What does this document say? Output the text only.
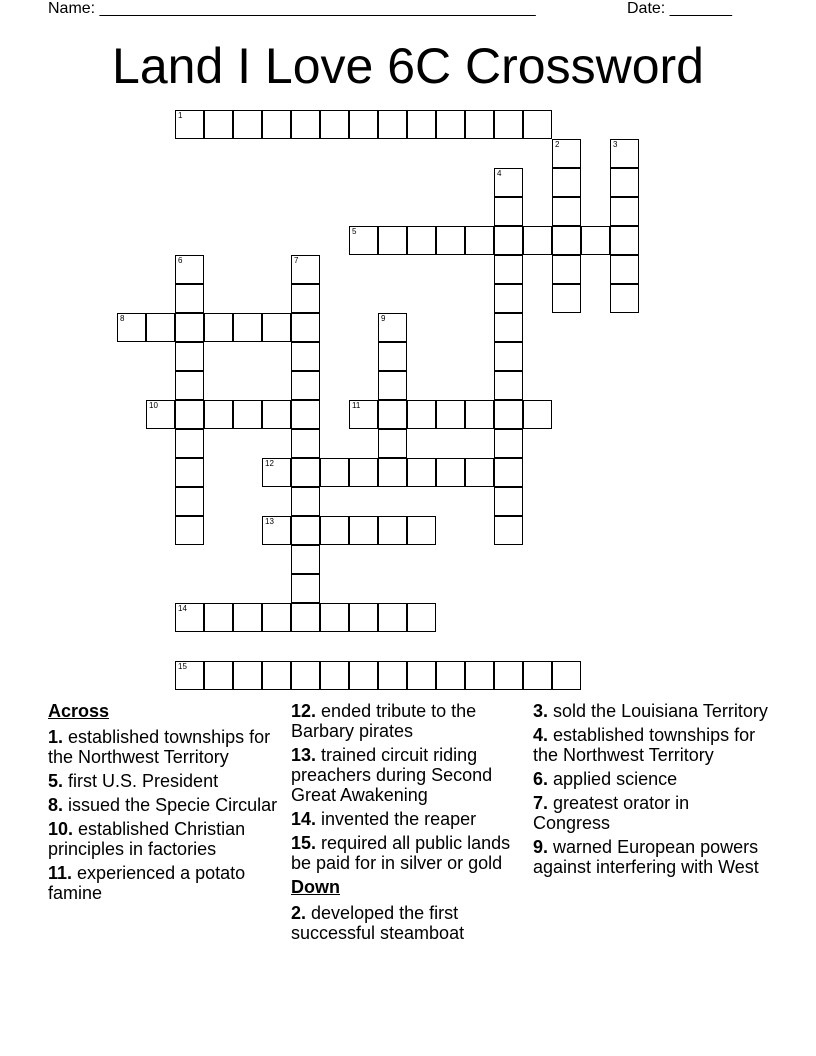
Name: _________________________________________________	Date: _______
Land I Love 6C Crossword
1
5
8
10	11
12
13
14
15
2	3
4
6	7
9
Across
1. established townships for the Northwest Territory
5. first U.S. President
8. issued the Specie Circular
10. established Christian principles in factories
11. experienced a potato famine
12. ended tribute to the Barbary pirates
13. trained circuit riding preachers during Second Great Awakening
14. invented the reaper
15. required all public lands be paid for in silver or gold
Down
2. developed the first successful steamboat
3. sold the Louisiana Territory
4. established townships for the Northwest Territory
6. applied science
7. greatest orator in Congress
9. warned European powers against interfering with West
